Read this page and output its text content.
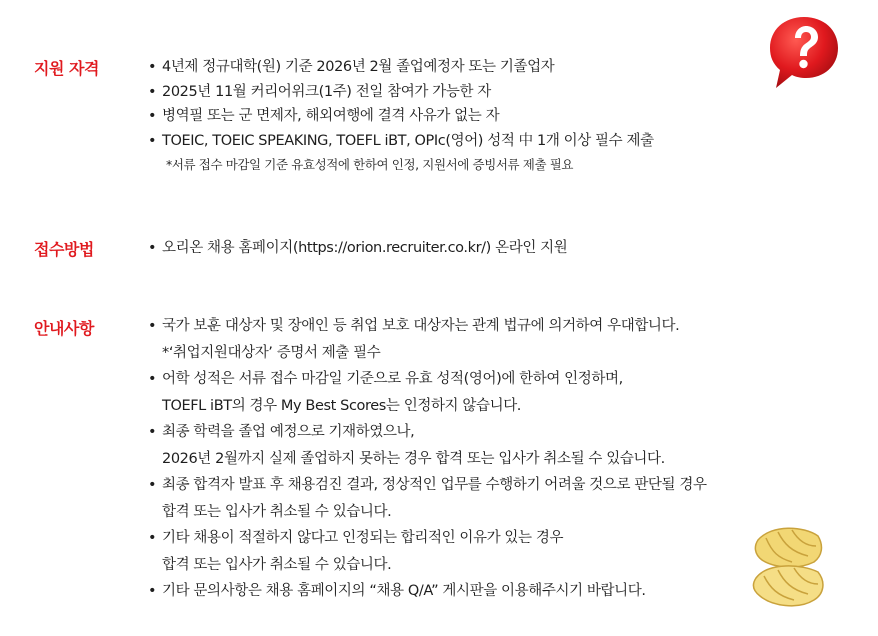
지원 자격	• 4년제 정규대학(원) 기준 2026년 2월 졸업예정자 또는 기졸업자
• 2025년 11월 커리어위크(1주) 전일 참여가 가능한 자
• 병역필 또는 군 면제자, 해외여행에 결격 사유가 없는 자
• TOEIC, TOEIC SPEAKING, TOEFL iBT, OPIc(영어) 성적 中 1개 이상 필수 제출
*서류 접수 마감일 기준 유효성적에 한하여 인정, 지원서에 증빙서류 제출 필요
접수방법	• 오리온 채용 홈페이지(https://orion.recruiter.co.kr/) 온라인 지원
안내사항	• 국가 보훈 대상자 및 장애인 등 취업 보호 대상자는 관계 법규에 의거하여 우대합니다.
*‘취업지원대상자’ 증명서 제출 필수
• 어학 성적은 서류 접수 마감일 기준으로 유효 성적(영어)에 한하여 인정하며,
TOEFL iBT의 경우 My Best Scores는 인정하지 않습니다.
• 최종 학력을 졸업 예정으로 기재하였으나,
2026년 2월까지 실제 졸업하지 못하는 경우 합격 또는 입사가 취소될 수 있습니다.
• 최종 합격자 발표 후 채용검진 결과, 정상적인 업무를 수행하기 어려울 것으로 판단될 경우
합격 또는 입사가 취소될 수 있습니다.
• 기타 채용이 적절하지 않다고 인정되는 합리적인 이유가 있는 경우
합격 또는 입사가 취소될 수 있습니다.
• 기타 문의사항은 채용 홈페이지의 “채용 Q/A” 게시판을 이용해주시기 바랍니다.
